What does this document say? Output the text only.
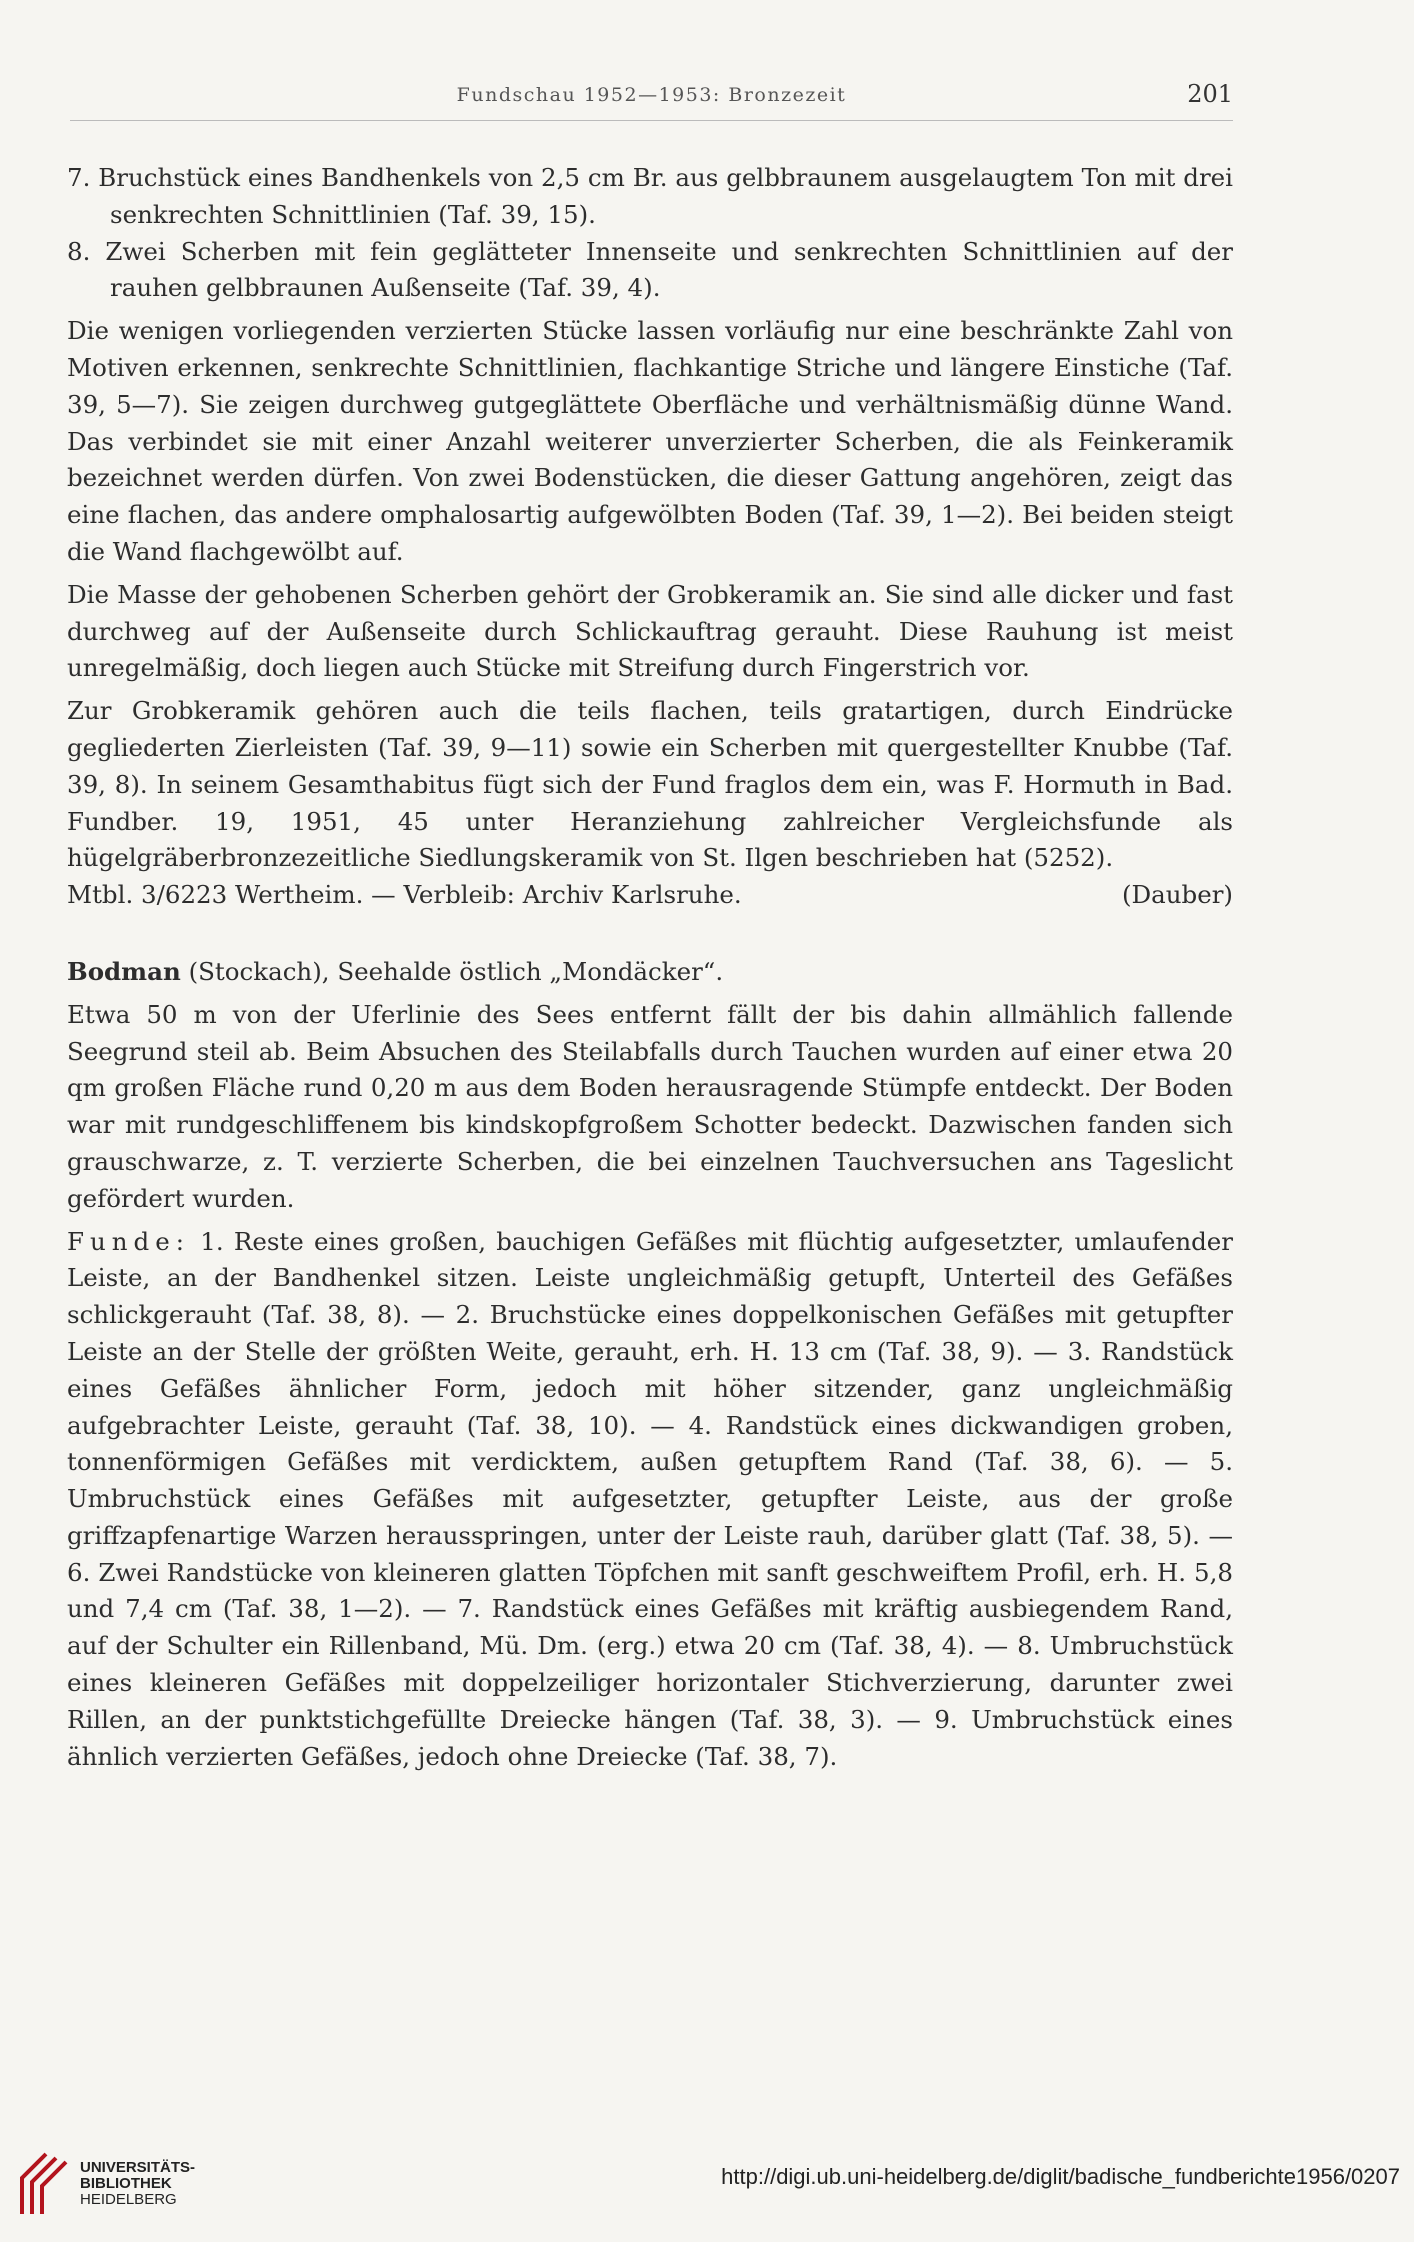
Fundschau 1952—1953: Bronzezeit	201

7. Bruchstück eines Bandhenkels von 2,5 cm Br. aus gelbbraunem ausgelaugtem Ton mit drei senkrechten Schnittlinien (Taf. 39, 15).

8. Zwei Scherben mit fein geglätteter Innenseite und senkrechten Schnittlinien auf der rauhen gelbbraunen Außenseite (Taf. 39, 4).

Die wenigen vorliegenden verzierten Stücke lassen vorläufig nur eine beschränkte Zahl von Motiven erkennen, senkrechte Schnittlinien, flachkantige Striche und längere Einstiche (Taf. 39, 5—7). Sie zeigen durchweg gutgeglättete Oberfläche und verhältnismäßig dünne Wand. Das verbindet sie mit einer Anzahl weiterer unverzierter Scherben, die als Feinkeramik bezeichnet werden dürfen. Von zwei Bodenstücken, die dieser Gattung angehören, zeigt das eine flachen, das andere omphalosartig aufgewölbten Boden (Taf. 39, 1—2). Bei beiden steigt die Wand flachgewölbt auf.

Die Masse der gehobenen Scherben gehört der Grobkeramik an. Sie sind alle dicker und fast durchweg auf der Außenseite durch Schlickauftrag gerauht. Diese Rauhung ist meist unregelmäßig, doch liegen auch Stücke mit Streifung durch Fingerstrich vor.

Zur Grobkeramik gehören auch die teils flachen, teils gratartigen, durch Eindrücke gegliederten Zierleisten (Taf. 39, 9—11) sowie ein Scherben mit quergestellter Knubbe (Taf. 39, 8). In seinem Gesamthabitus fügt sich der Fund fraglos dem ein, was F. Hormuth in Bad. Fundber. 19, 1951, 45 unter Heranziehung zahlreicher Vergleichsfunde als hügelgräberbronzezeitliche Siedlungskeramik von St. Ilgen beschrieben hat (5252).

Mtbl. 3/6223 Wertheim. — Verbleib: Archiv Karlsruhe.	(Dauber)

Bodman (Stockach), Seehalde östlich „Mondäcker“.

Etwa 50 m von der Uferlinie des Sees entfernt fällt der bis dahin allmählich fallende Seegrund steil ab. Beim Absuchen des Steilabfalls durch Tauchen wurden auf einer etwa 20 qm großen Fläche rund 0,20 m aus dem Boden herausragende Stümpfe entdeckt. Der Boden war mit rundgeschliffenem bis kindskopfgroßem Schotter bedeckt. Dazwischen fanden sich grauschwarze, z. T. verzierte Scherben, die bei einzelnen Tauchversuchen ans Tageslicht gefördert wurden.

Funde: 1. Reste eines großen, bauchigen Gefäßes mit flüchtig aufgesetzter, umlaufender Leiste, an der Bandhenkel sitzen. Leiste ungleichmäßig getupft, Unterteil des Gefäßes schlickgerauht (Taf. 38, 8). — 2. Bruchstücke eines doppelkonischen Gefäßes mit getupfter Leiste an der Stelle der größten Weite, gerauht, erh. H. 13 cm (Taf. 38, 9). — 3. Randstück eines Gefäßes ähnlicher Form, jedoch mit höher sitzender, ganz ungleichmäßig aufgebrachter Leiste, gerauht (Taf. 38, 10). — 4. Randstück eines dickwandigen groben, tonnenförmigen Gefäßes mit verdicktem, außen getupftem Rand (Taf. 38, 6). — 5. Umbruchstück eines Gefäßes mit aufgesetzter, getupfter Leiste, aus der große griffzapfenartige Warzen herausspringen, unter der Leiste rauh, darüber glatt (Taf. 38, 5). — 6. Zwei Randstücke von kleineren glatten Töpfchen mit sanft geschweiftem Profil, erh. H. 5,8 und 7,4 cm (Taf. 38, 1—2). — 7. Randstück eines Gefäßes mit kräftig ausbiegendem Rand, auf der Schulter ein Rillenband, Mü. Dm. (erg.) etwa 20 cm (Taf. 38, 4). — 8. Umbruchstück eines kleineren Gefäßes mit doppelzeiliger horizontaler Stichverzierung, darunter zwei Rillen, an der punktstichgefüllte Dreiecke hängen (Taf. 38, 3). — 9. Umbruchstück eines ähnlich verzierten Gefäßes, jedoch ohne Dreiecke (Taf. 38, 7).

UNIVERSITÄTS-
BIBLIOTHEK
HEIDELBERG
http://digi.ub.uni-heidelberg.de/diglit/badische_fundberichte1956/0207
